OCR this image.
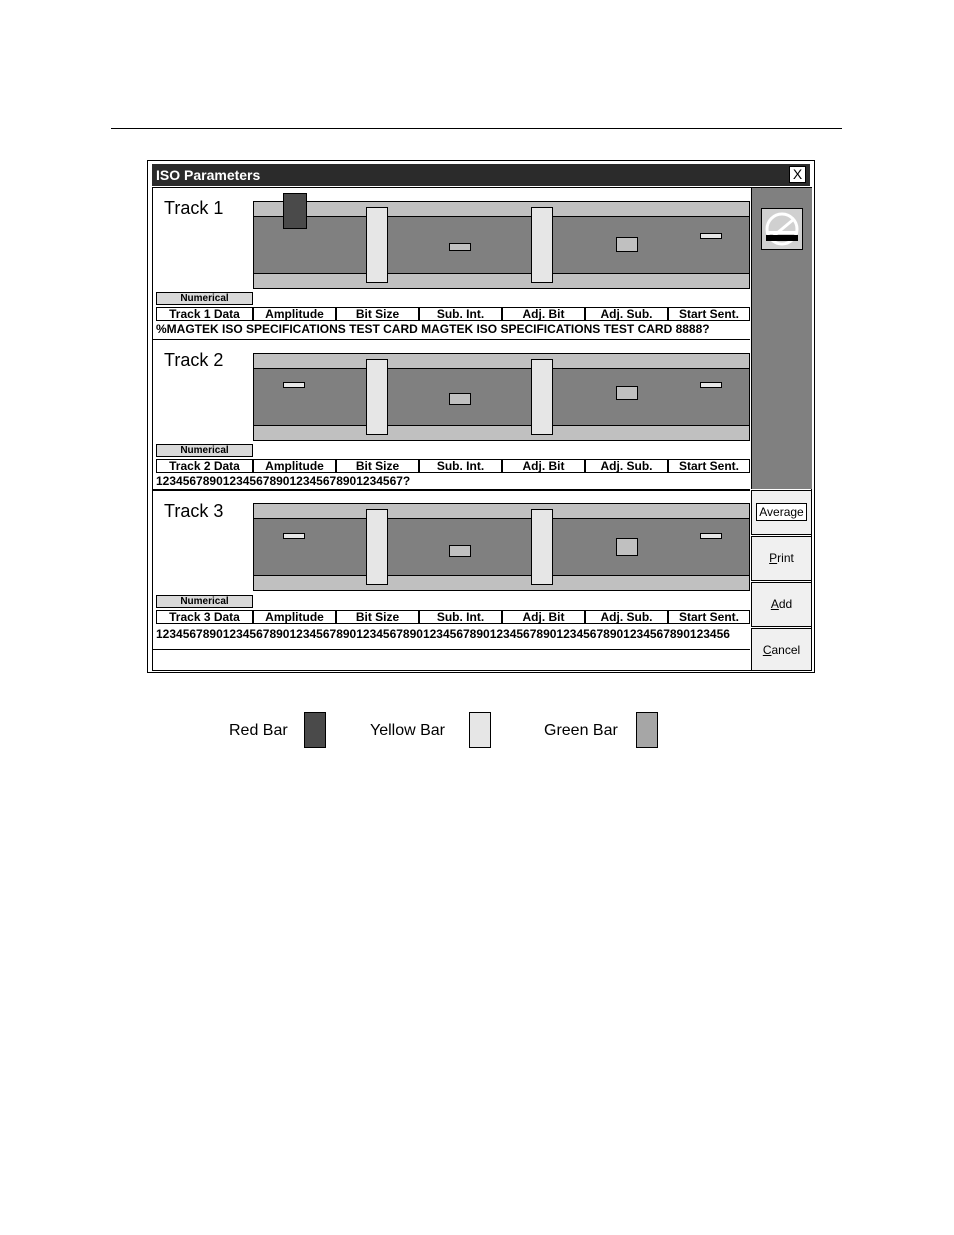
ISO Parameters	X
Average
Print
Add
Cancel
Track 1
Numerical
Track 1 Data	Amplitude	Bit Size	Sub. Int.	Adj. Bit	Adj. Sub.	Start Sent.
%MAGTEK ISO SPECIFICATIONS TEST CARD MAGTEK ISO SPECIFICATIONS TEST CARD 8888?
Track 2
Numerical
Track 2 Data	Amplitude	Bit Size	Sub. Int.	Adj. Bit	Adj. Sub.	Start Sent.
1234567890123456789012345678901234567?
Track 3
Numerical
Track 3 Data	Amplitude	Bit Size	Sub. Int.	Adj. Bit	Adj. Sub.	Start Sent.
12345678901234567890123456789012345678901234567890123456789012345678901234567890123456
Red Bar	Yellow Bar	Green Bar
